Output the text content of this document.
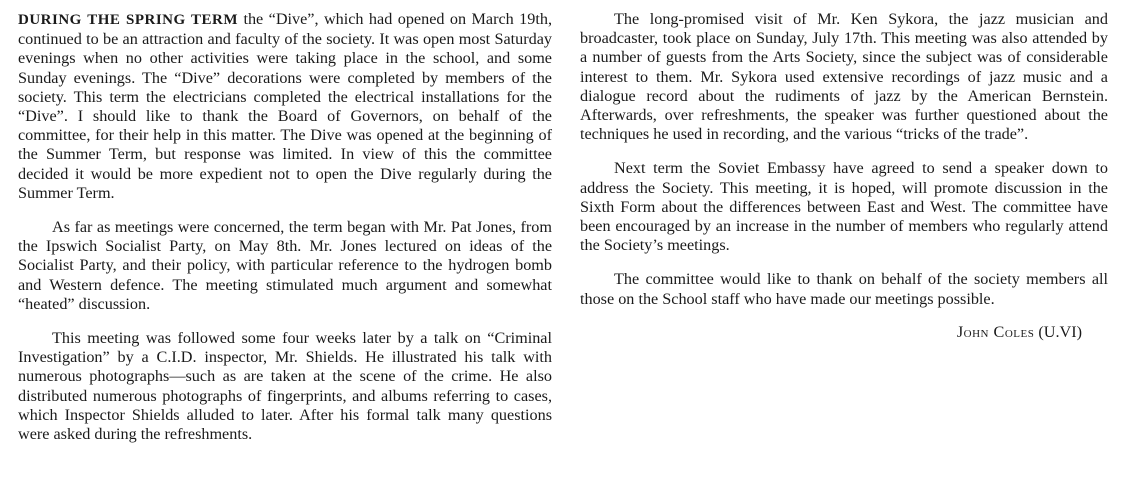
DURING THE SPRING TERM the “Dive”, which had opened on March 19th, continued to be an attraction and faculty of the society. It was open most Saturday evenings when no other activities were taking place in the school, and some Sunday evenings. The “Dive” decorations were completed by members of the society. This term the electricians completed the electrical installations for the “Dive”. I should like to thank the Board of Governors, on behalf of the committee, for their help in this matter. The Dive was opened at the beginning of the Summer Term, but response was limited. In view of this the committee decided it would be more expedient not to open the Dive regularly during the Summer Term.

As far as meetings were concerned, the term began with Mr. Pat Jones, from the Ipswich Socialist Party, on May 8th. Mr. Jones lectured on ideas of the Socialist Party, and their policy, with particular reference to the hydrogen bomb and Western defence. The meeting stimulated much argument and somewhat “heated” discussion.

This meeting was followed some four weeks later by a talk on “Criminal Investigation” by a C.I.D. inspector, Mr. Shields. He illustrated his talk with numerous photographs—such as are taken at the scene of the crime. He also distributed numerous photographs of fingerprints, and albums referring to cases, which Inspector Shields alluded to later. After his formal talk many questions were asked during the refreshments.

The long-promised visit of Mr. Ken Sykora, the jazz musician and broadcaster, took place on Sunday, July 17th. This meeting was also attended by a number of guests from the Arts Society, since the subject was of considerable interest to them. Mr. Sykora used extensive recordings of jazz music and a dialogue record about the rudiments of jazz by the American Bernstein. Afterwards, over refreshments, the speaker was further questioned about the techniques he used in recording, and the various “tricks of the trade”.

Next term the Soviet Embassy have agreed to send a speaker down to address the Society. This meeting, it is hoped, will promote discussion in the Sixth Form about the differences between East and West. The committee have been encouraged by an increase in the number of members who regularly attend the Society’s meetings.

The committee would like to thank on behalf of the society members all those on the School staff who have made our meetings possible.

John Coles (U.VI)
